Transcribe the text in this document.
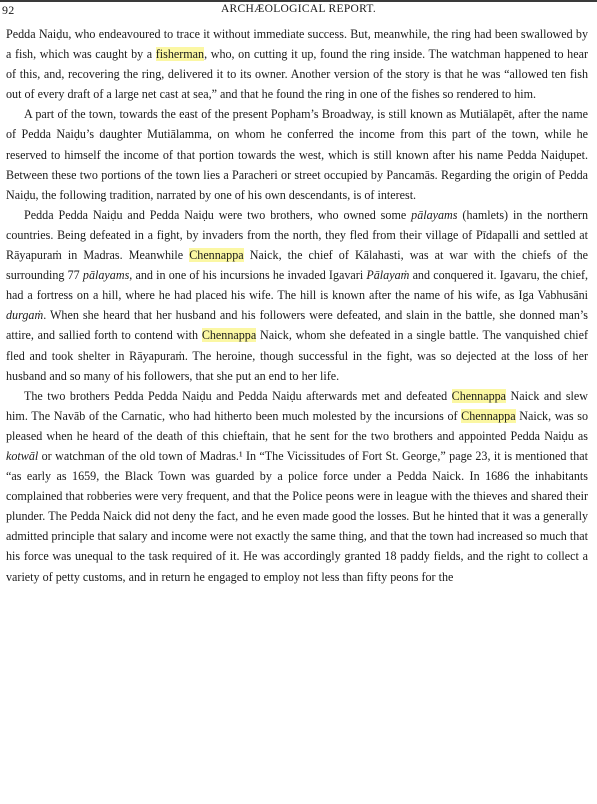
92	ARCHÆOLOGICAL REPORT.

Pedda Naiḍu, who endeavoured to trace it without immediate success. But, meanwhile, the ring had been swallowed by a fish, which was caught by a fisherman, who, on cutting it up, found the ring inside. The watchman happened to hear of this, and, recovering the ring, delivered it to its owner. Another version of the story is that he was “allowed ten fish out of every draft of a large net cast at sea,” and that he found the ring in one of the fishes so rendered to him.

A part of the town, towards the east of the present Popham’s Broadway, is still known as Mutiālapēt, after the name of Pedda Naiḍu’s daughter Mutiālamma, on whom he conferred the income from this part of the town, while he reserved to himself the income of that portion towards the west, which is still known after his name Pedda Naiḍupet. Between these two portions of the town lies a Paracheri or street occupied by Pancamās. Regarding the origin of Pedda Naiḍu, the following tradition, narrated by one of his own descendants, is of interest.

Pedda Pedda Naiḍu and Pedda Naiḍu were two brothers, who owned some pālayams (hamlets) in the northern countries. Being defeated in a fight, by invaders from the north, they fled from their village of Pīdapalli and settled at Rāyapuraṁ in Madras. Meanwhile Chennappa Naick, the chief of Kālahasti, was at war with the chiefs of the surrounding 77 pālayams, and in one of his incursions he invaded Igavari Pālayaṁ and conquered it. Igavaru, the chief, had a fortress on a hill, where he had placed his wife. The hill is known after the name of his wife, as Iga Vabhusāni durgaṁ. When she heard that her husband and his followers were defeated, and slain in the battle, she donned man’s attire, and sallied forth to contend with Chennappa Naick, whom she defeated in a single battle. The vanquished chief fled and took shelter in Rāyapuraṁ. The heroine, though successful in the fight, was so dejected at the loss of her husband and so many of his followers, that she put an end to her life.

The two brothers Pedda Pedda Naiḍu and Pedda Naiḍu afterwards met and defeated Chennappa Naick and slew him. The Navāb of the Carnatic, who had hitherto been much molested by the incursions of Chennappa Naick, was so pleased when he heard of the death of this chieftain, that he sent for the two brothers and appointed Pedda Naiḍu as kotwāl or watchman of the old town of Madras.¹ In “The Vicissitudes of Fort St. George,” page 23, it is mentioned that “as early as 1659, the Black Town was guarded by a police force under a Pedda Naick. In 1686 the inhabitants complained that robberies were very frequent, and that the Police peons were in league with the thieves and shared their plunder. The Pedda Naick did not deny the fact, and he even made good the losses. But he hinted that it was a generally admitted principle that salary and income were not exactly the same thing, and that the town had increased so much that his force was unequal to the task required of it. He was accordingly granted 18 paddy fields, and the right to collect a variety of petty customs, and in return he engaged to employ not less than fifty peons for the
